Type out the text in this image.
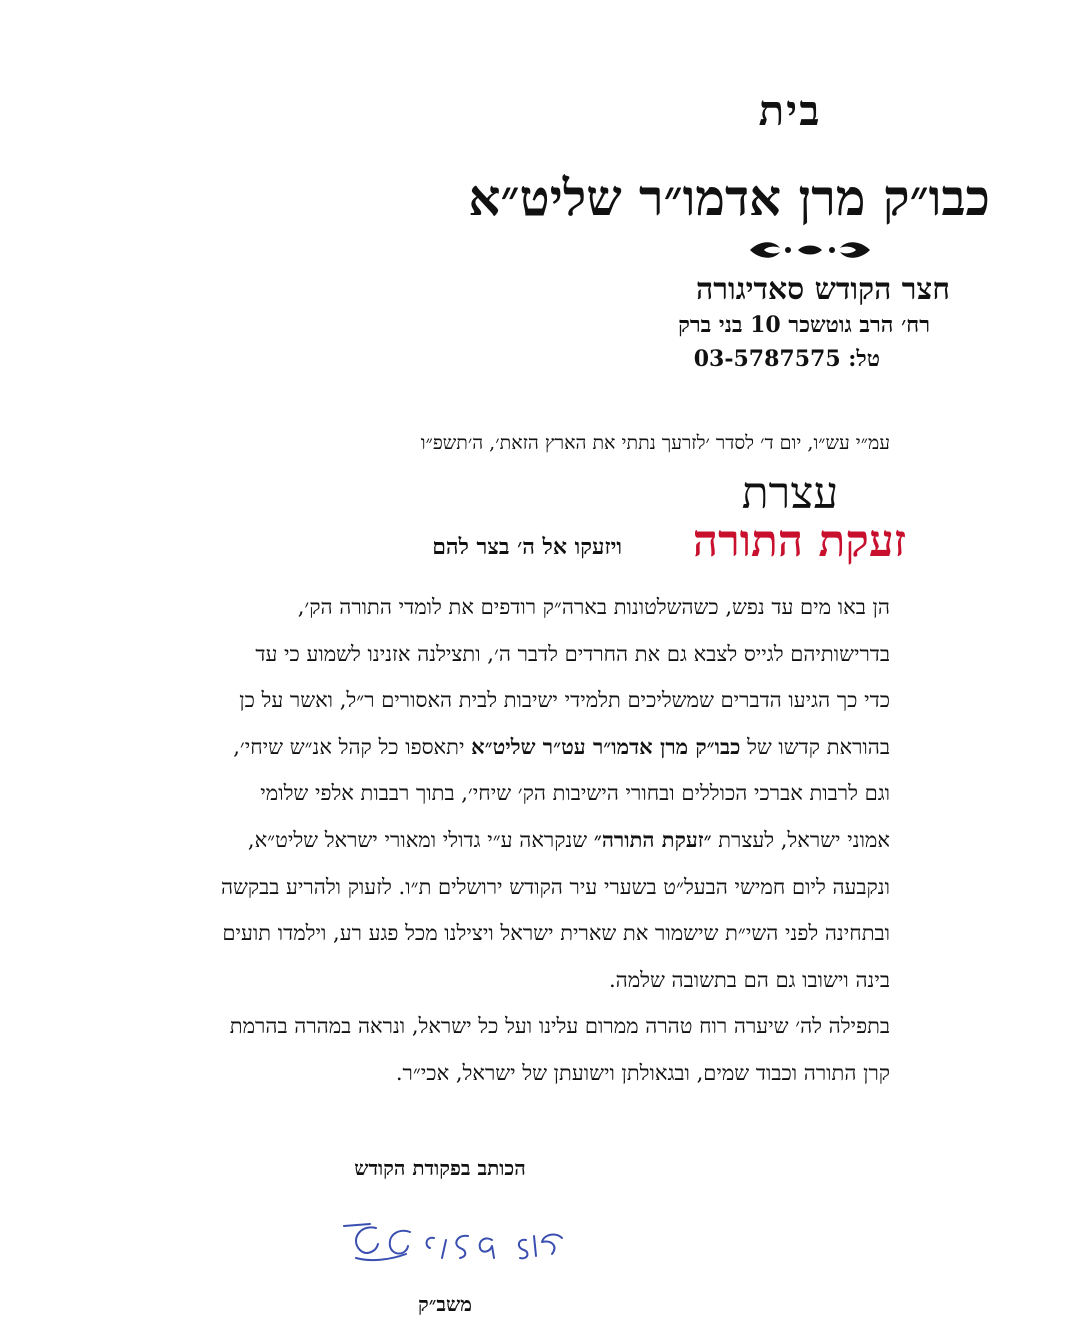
בית
כבו״ק מרן אדמו״ר שליט״א
חצר הקודש סאדיגורה
רח׳ הרב גוטשכר 10 בני ברק
טל: 03-5787575
עמ״י עש״ו, יום ד׳ לסדר ׳לזרעך נתתי את הארץ הזאת׳, ה׳תשפ״ו
עצרת
זעקת התורה
ויזעקו אל ה׳ בצר להם
הן באו מים עד נפש, כשהשלטונות בארה״ק רודפים את לומדי התורה הק׳,
בדרישותיהם לגייס לצבא גם את החרדים לדבר ה׳, ותצילנה אזנינו לשמוע כי עד
כדי כך הגיעו הדברים שמשליכים תלמידי ישיבות לבית האסורים ר״ל, ואשר על כן
בהוראת קדשו של כבו״ק מרן אדמו״ר עט״ר שליט״א יתאספו כל קהל אנ״ש שיחי׳,
וגם לרבות אברכי הכוללים ובחורי הישיבות הק׳ שיחי׳, בתוך רבבות אלפי שלומי
אמוני ישראל, לעצרת ״זעקת התורה״ שנקראה ע״י גדולי ומאורי ישראל שליט״א,
ונקבעה ליום חמישי הבעל״ט בשערי עיר הקודש ירושלים ת״ו. לזעוק ולהריע בבקשה
ובתחינה לפני השי״ת שישמור את שארית ישראל ויצילנו מכל פגע רע, וילמדו תועים
בינה וישובו גם הם בתשובה שלמה.
בתפילה לה׳ שיערה רוח טהרה ממרום עלינו ועל כל ישראל, ונראה במהרה בהרמת
קרן התורה וכבוד שמים, ובגאולתן וישועתן של ישראל, אכי״ר.
הכותב בפקודת הקודש
משב״ק
